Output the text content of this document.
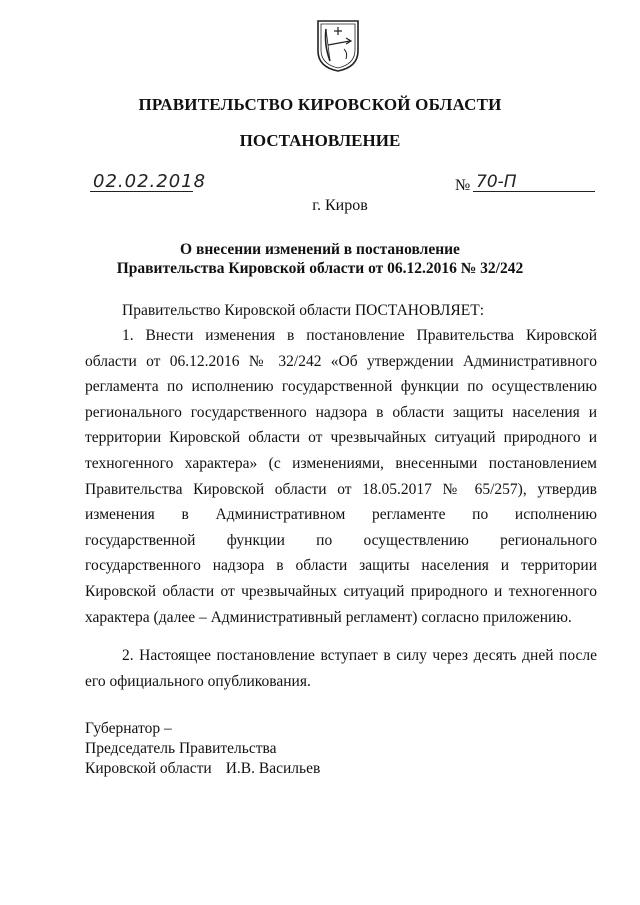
ПРАВИТЕЛЬСТВО КИРОВСКОЙ ОБЛАСТИ
ПОСТАНОВЛЕНИЕ
02.02.2018	№ 70-П
г. Киров
О внесении изменений в постановление
Правительства Кировской области от 06.12.2016 № 32/242
Правительство Кировской области ПОСТАНОВЛЯЕТ:
1. Внести изменения в постановление Правительства Кировской области от 06.12.2016 № 32/242 «Об утверждении Административного регламента по исполнению государственной функции по осуществлению регионального государственного надзора в области защиты населения и территории Кировской области от чрезвычайных ситуаций природного и техногенного характера» (с изменениями, внесенными постановлением Правительства Кировской области от 18.05.2017 № 65/257), утвердив изменения в Административном регламенте по исполнению государственной функции по осуществлению регионального государственного надзора в области защиты населения и территории Кировской области от чрезвычайных ситуаций природного и техногенного характера (далее – Административный регламент) согласно приложению.
2. Настоящее постановление вступает в силу через десять дней после его официального опубликования.
Губернатор –
Председатель Правительства
Кировской области И.В. Васильев
